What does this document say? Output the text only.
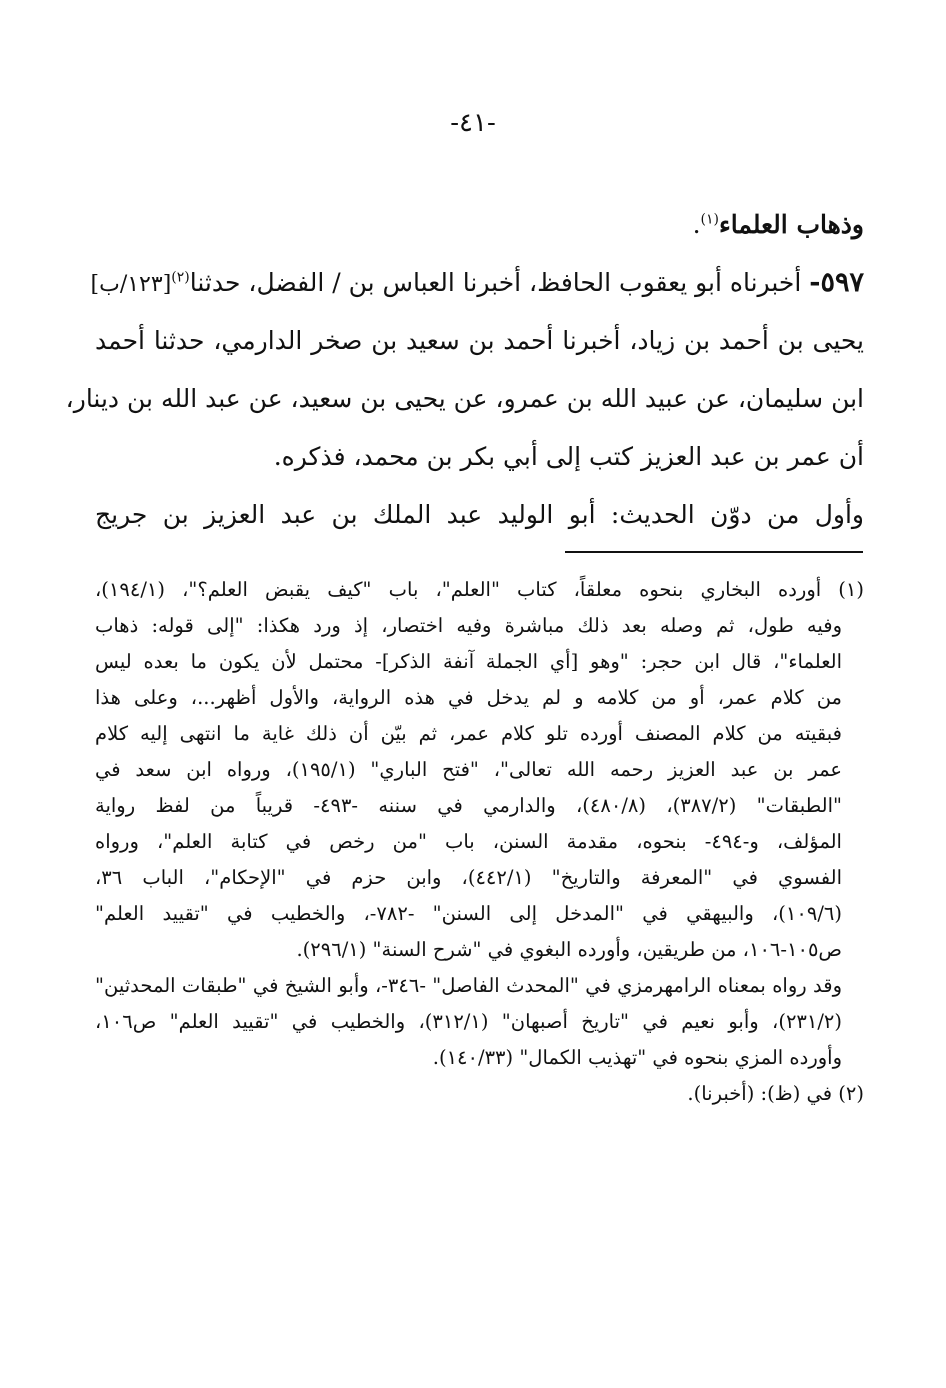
-٤١-
وذهاب العلماء$^{(١)}$.
٥٩٧- أخبرناه أبو يعقوب الحافظ، أخبرنا العباس بن / الفضل، حدثنا$^{(٢)}$[١٢٣/ب]
يحيى بن أحمد بن زياد، أخبرنا أحمد بن سعيد بن صخر الدارمي، حدثنا أحمد
ابن سليمان، عن عبيد الله بن عمرو، عن يحيى بن سعيد، عن عبد الله بن دينار،
أن عمر بن عبد العزيز كتب إلى أبي بكر بن محمد، فذكره.
وأول من دوّن الحديث: أبو الوليد عبد الملك بن عبد العزيز بن جريج
(١) أورده البخاري بنحوه معلقاً، كتاب "العلم"، باب "كيف يقبض العلم؟"، (١٩٤/١)،
وفيه طول، ثم وصله بعد ذلك مباشرة وفيه اختصار، إذ ورد هكذا: "إلى قوله: ذهاب
العلماء"، قال ابن حجر: "وهو [أي الجملة آنفة الذكر]- محتمل لأن يكون ما بعده ليس
من كلام عمر، أو من كلامه و لم يدخل في هذه الرواية، والأول أظهر...، وعلى هذا
فبقيته من كلام المصنف أورده تلو كلام عمر، ثم بيّن أن ذلك غاية ما انتهى إليه كلام
عمر بن عبد العزيز رحمه الله تعالى"، "فتح الباري" (١٩٥/١)، ورواه ابن سعد في
"الطبقات" (٣٨٧/٢)، (٤٨٠/٨)، والدارمي في سننه -٤٩٣- قريباً من لفظ رواية
المؤلف، و-٤٩٤- بنحوه، مقدمة السنن، باب "من رخص في كتابة العلم"، ورواه
الفسوي في "المعرفة والتاريخ" (٤٤٢/١)، وابن حزم في "الإحكام"، الباب ٣٦،
(١٠٩/٦)، والبيهقي في "المدخل إلى السنن" -٧٨٢-، والخطيب في "تقييد العلم"
ص١٠٥-١٠٦، من طريقين، وأورده البغوي في "شرح السنة" (٢٩٦/١).
وقد رواه بمعناه الرامهرمزي في "المحدث الفاصل" -٣٤٦-، وأبو الشيخ في "طبقات المحدثين"
(٢٣١/٢)، وأبو نعيم في "تاريخ أصبهان" (٣١٢/١)، والخطيب في "تقييد العلم" ص١٠٦،
وأورده المزي بنحوه في "تهذيب الكمال" (١٤٠/٣٣).
(٢) في (ظ): (أخبرنا).
